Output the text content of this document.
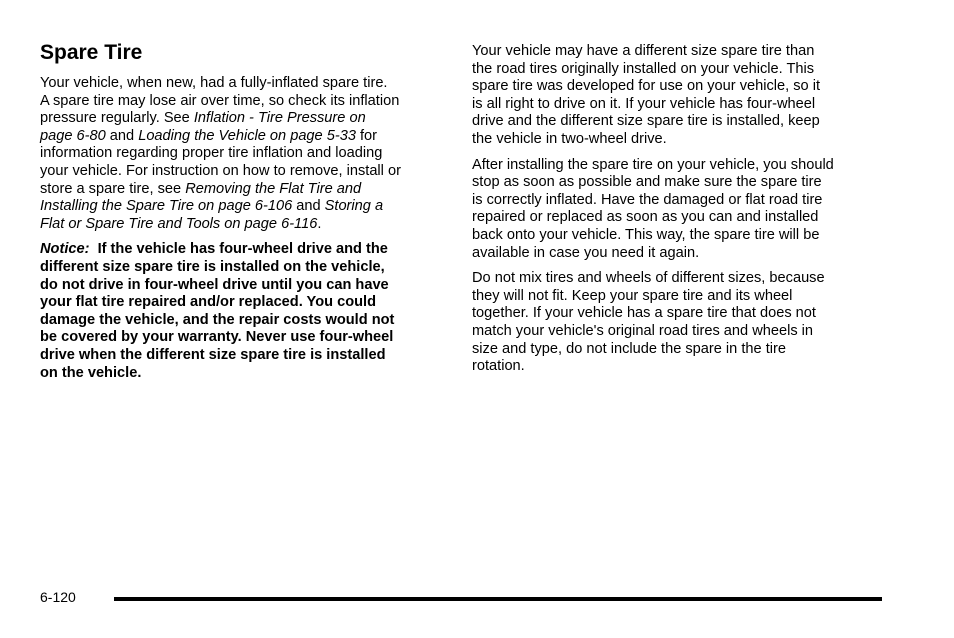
Spare Tire

Your vehicle, when new, had a fully-inflated spare tire.
A spare tire may lose air over time, so check its inflation
pressure regularly. See Inflation - Tire Pressure on
page 6-80 and Loading the Vehicle on page 5-33 for
information regarding proper tire inflation and loading
your vehicle. For instruction on how to remove, install or
store a spare tire, see Removing the Flat Tire and
Installing the Spare Tire on page 6-106 and Storing a
Flat or Spare Tire and Tools on page 6-116.

Notice: If the vehicle has four-wheel drive and the
different size spare tire is installed on the vehicle,
do not drive in four-wheel drive until you can have
your flat tire repaired and/or replaced. You could
damage the vehicle, and the repair costs would not
be covered by your warranty. Never use four-wheel
drive when the different size spare tire is installed
on the vehicle.

Your vehicle may have a different size spare tire than
the road tires originally installed on your vehicle. This
spare tire was developed for use on your vehicle, so it
is all right to drive on it. If your vehicle has four-wheel
drive and the different size spare tire is installed, keep
the vehicle in two-wheel drive.

After installing the spare tire on your vehicle, you should
stop as soon as possible and make sure the spare tire
is correctly inflated. Have the damaged or flat road tire
repaired or replaced as soon as you can and installed
back onto your vehicle. This way, the spare tire will be
available in case you need it again.

Do not mix tires and wheels of different sizes, because
they will not fit. Keep your spare tire and its wheel
together. If your vehicle has a spare tire that does not
match your vehicle's original road tires and wheels in
size and type, do not include the spare in the tire
rotation.

6-120
